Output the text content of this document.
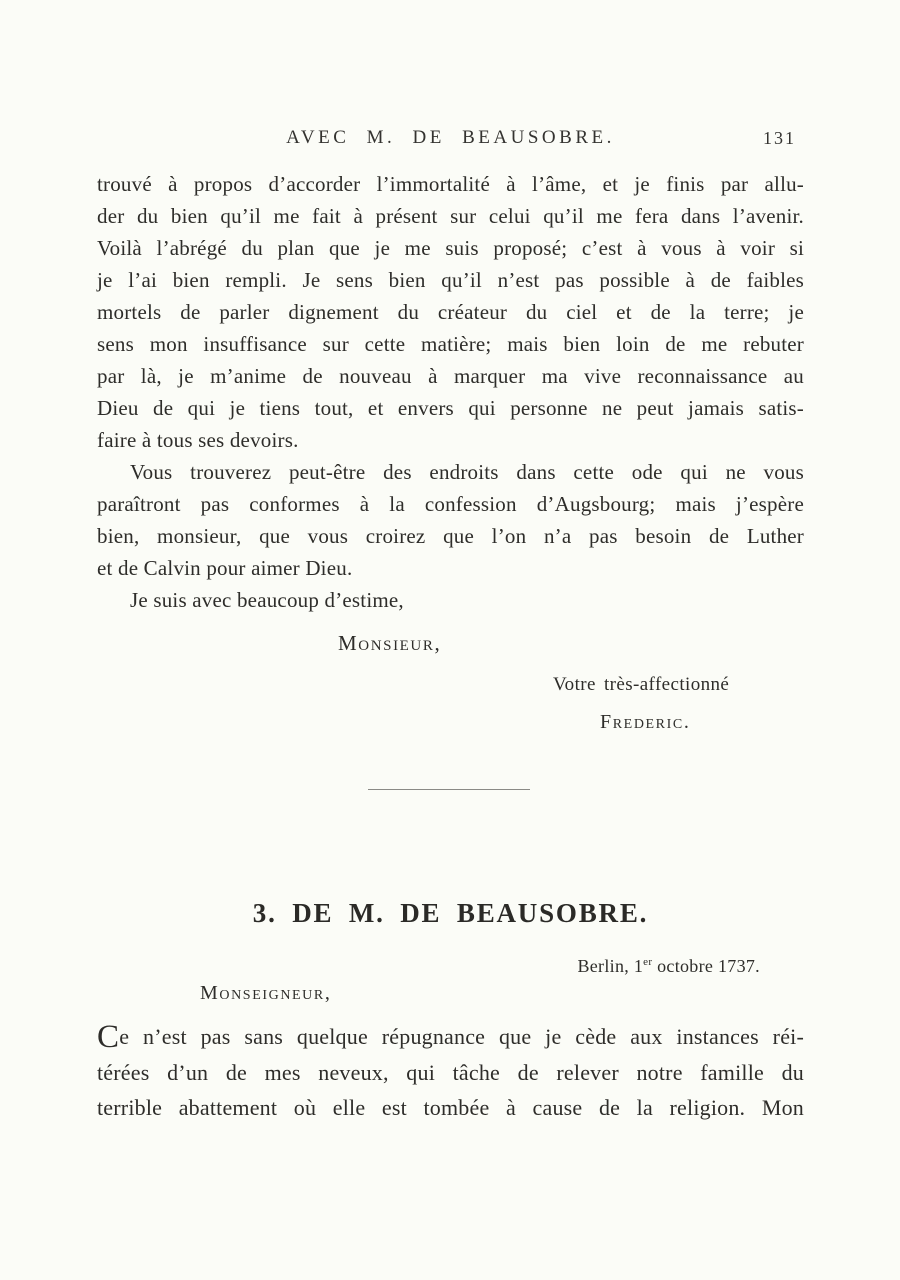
AVEC M. DE BEAUSOBRE.	131
trouvé à propos d’accorder l’immortalité à l’âme, et je finis par allu-
der du bien qu’il me fait à présent sur celui qu’il me fera dans l’avenir.
Voilà l’abrégé du plan que je me suis proposé; c’est à vous à voir si
je l’ai bien rempli. Je sens bien qu’il n’est pas possible à de faibles
mortels de parler dignement du créateur du ciel et de la terre; je
sens mon insuffisance sur cette matière; mais bien loin de me rebuter
par là, je m’anime de nouveau à marquer ma vive reconnaissance au
Dieu de qui je tiens tout, et envers qui personne ne peut jamais satis-
faire à tous ses devoirs.
Vous trouverez peut-être des endroits dans cette ode qui ne vous
paraîtront pas conformes à la confession d’Augsbourg; mais j’espère
bien, monsieur, que vous croirez que l’on n’a pas besoin de Luther
et de Calvin pour aimer Dieu.
Je suis avec beaucoup d’estime,
Monsieur,
Votre très-affectionné
Frederic.
3. DE M. DE BEAUSOBRE.
Berlin, 1er octobre 1737.
Monseigneur,
Ce n’est pas sans quelque répugnance que je cède aux instances réi-
térées d’un de mes neveux, qui tâche de relever notre famille du
terrible abattement où elle est tombée à cause de la religion. Mon
